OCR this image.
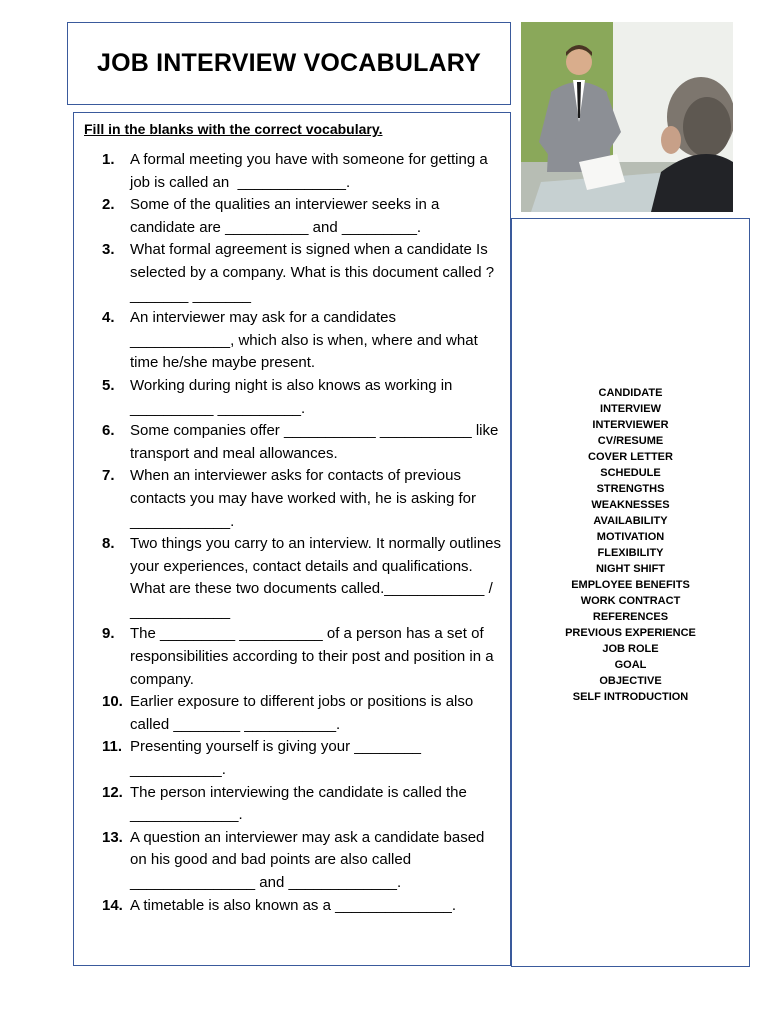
JOB INTERVIEW VOCABULARY
Fill in the blanks with the correct vocabulary.
1.	A formal meeting you have with someone for getting a job is called an  _____________.
2.	Some of the qualities an interviewer seeks in a candidate are __________ and _________.
3.	What formal agreement is signed when a candidate Is selected by a company. What is this document called ? _______ _______
4.	An interviewer may ask for a candidates ____________, which also is when, where and what time he/she maybe present.
5.	Working during night is also knows as working in __________ __________.
6.	Some companies offer ___________ ___________ like transport and meal allowances.
7.	When an interviewer asks for contacts of previous contacts you may have worked with, he is asking for ____________.
8.	Two things you carry to an interview. It normally outlines your experiences, contact details and qualifications. What are these two documents called.____________ /  ____________
9.	The _________ __________ of a person has a set of responsibilities according to their post and position in a company.
10. Earlier exposure to different jobs or positions is also called ________ ___________.
11. Presenting yourself is giving your ________ ___________.
12. The person interviewing the candidate is called the _____________.
13. A question an interviewer may ask a candidate based on his good and bad points are also called _______________ and _____________.
14. A timetable is also known as a ______________.
CANDIDATE
INTERVIEW
INTERVIEWER
CV/RESUME
COVER LETTER
SCHEDULE
STRENGTHS
WEAKNESSES
AVAILABILITY
MOTIVATION
FLEXIBILITY
NIGHT SHIFT
EMPLOYEE BENEFITS
WORK CONTRACT
REFERENCES
PREVIOUS EXPERIENCE
JOB ROLE
GOAL
OBJECTIVE
SELF INTRODUCTION
